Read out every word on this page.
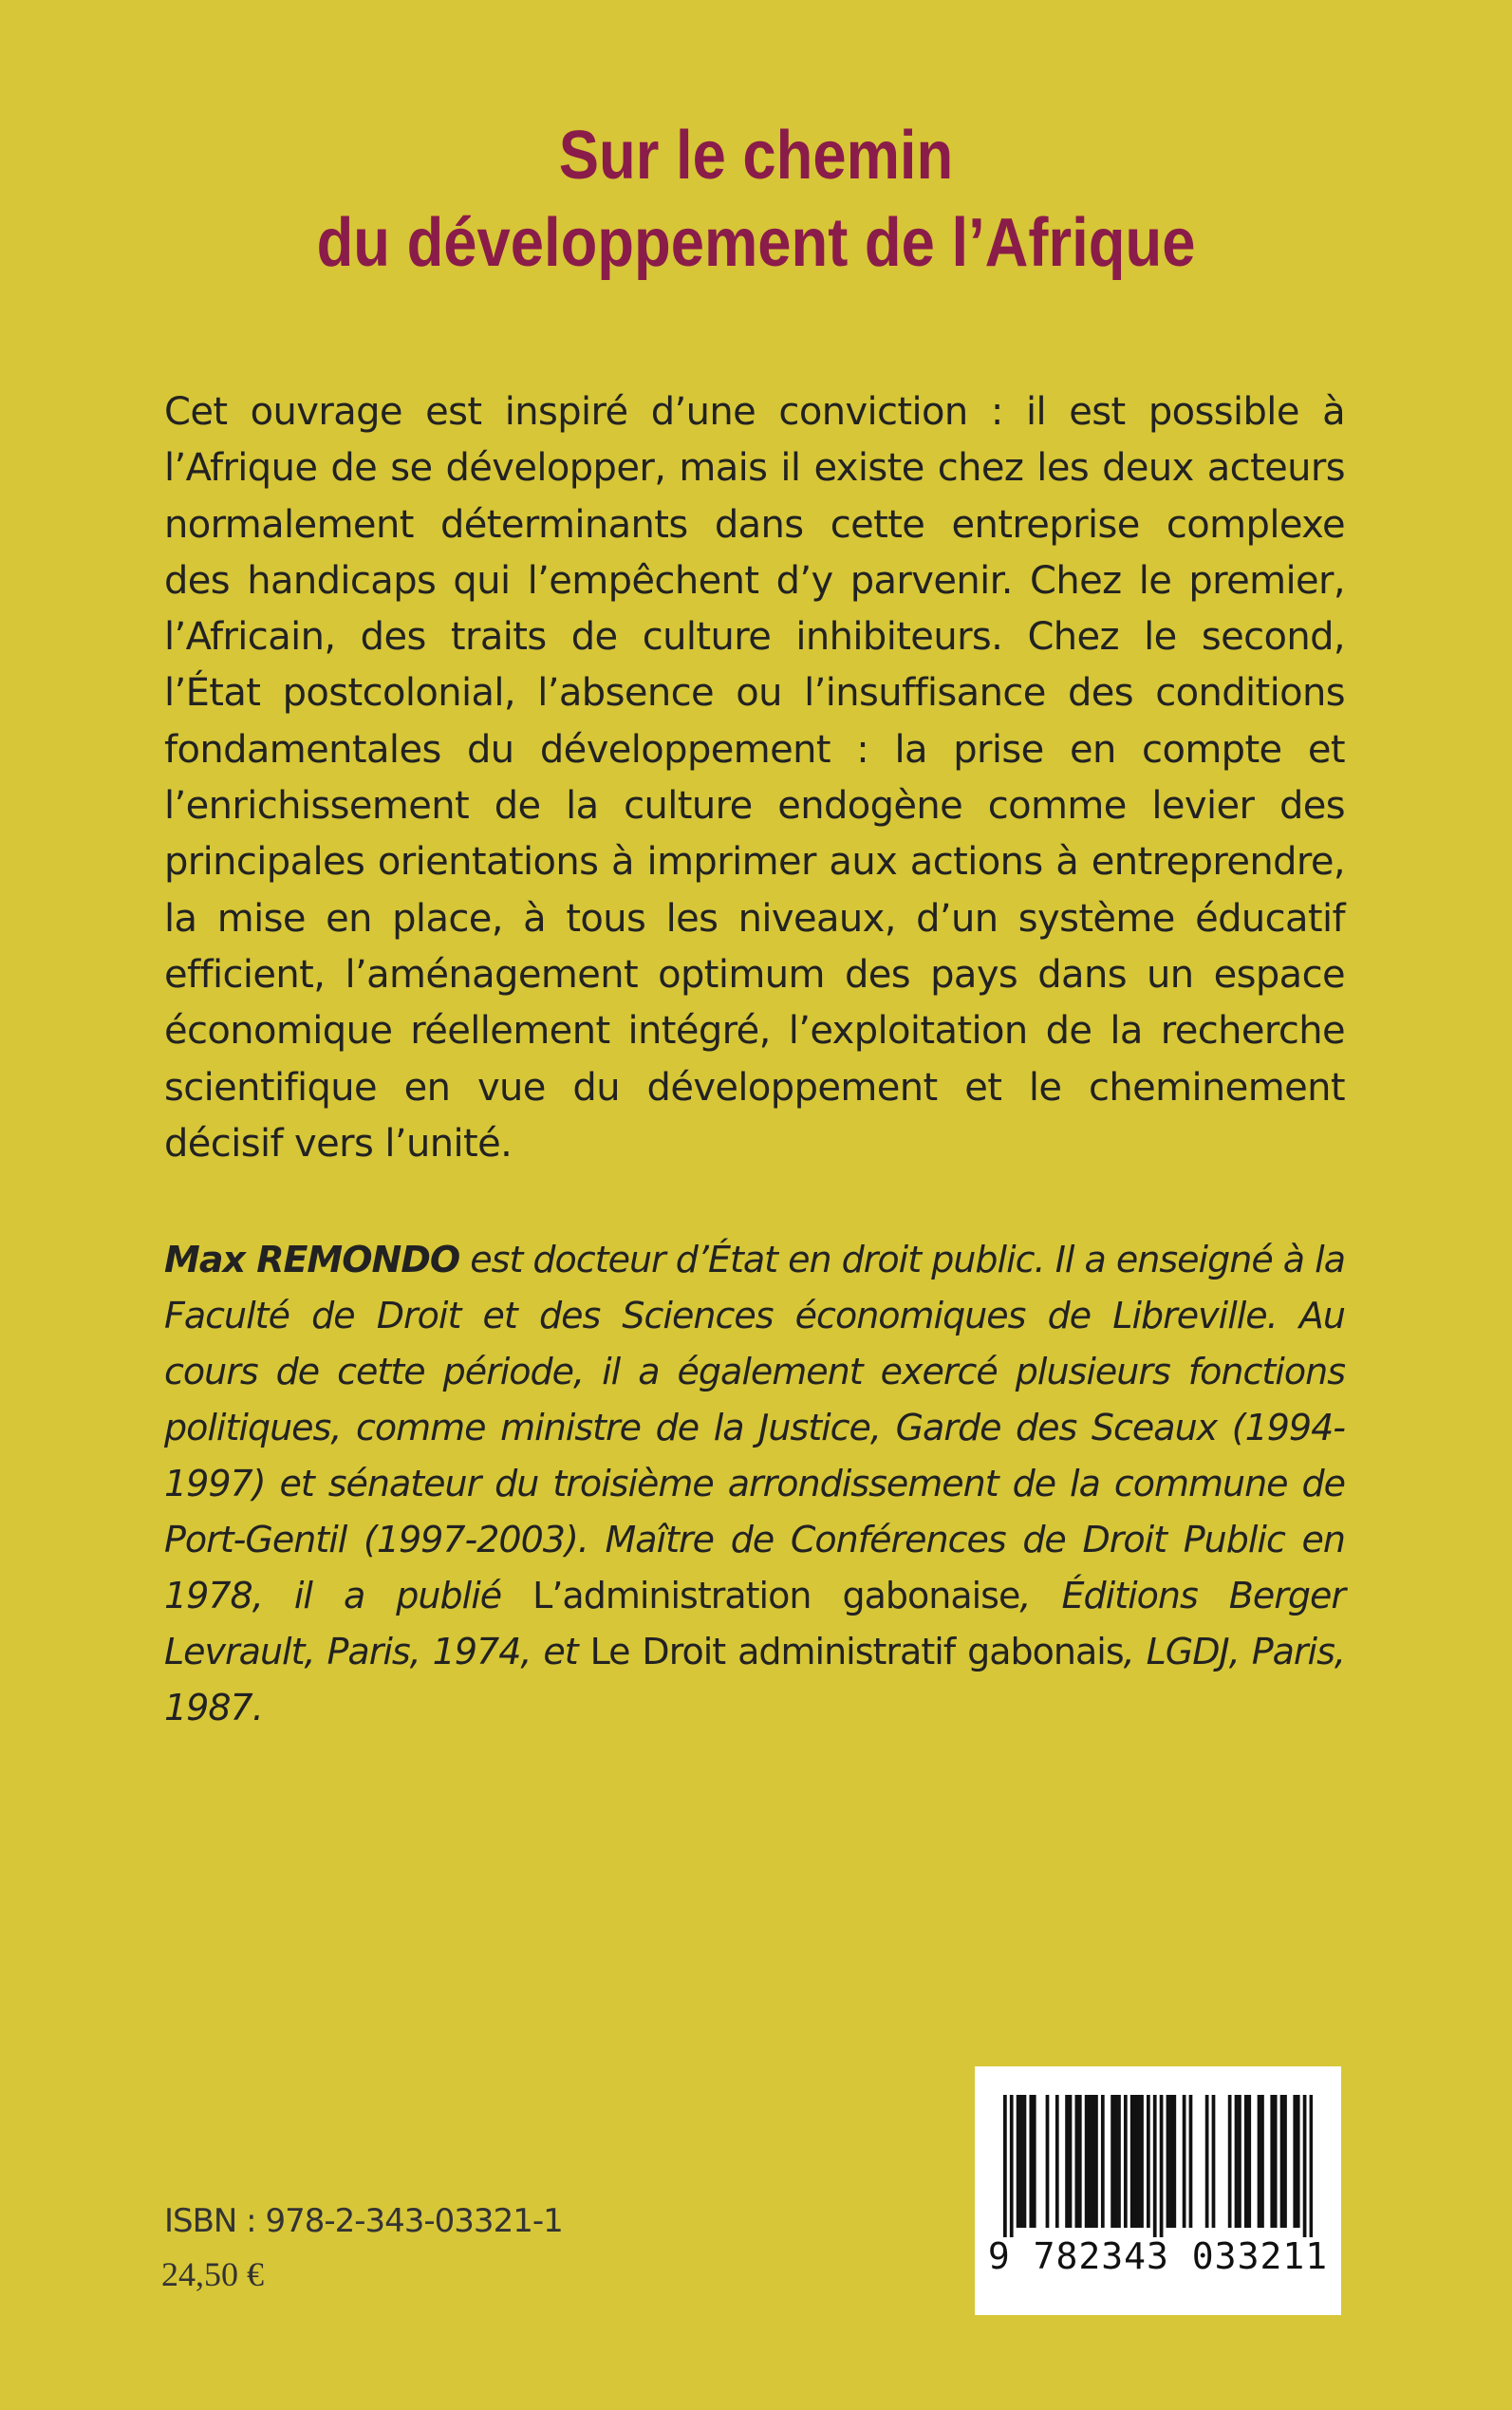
Sur le chemin
du développement de l’Afrique

Cet ouvrage est inspiré d’une conviction : il est possible à l’Afrique de se développer, mais il existe chez les deux acteurs normalement déterminants dans cette entreprise complexe des handicaps qui l’empêchent d’y parvenir. Chez le premier, l’Africain, des traits de culture inhibiteurs. Chez le second, l’État postcolonial, l’absence ou l’insuffisance des conditions fondamentales du développement : la prise en compte et l’enrichissement de la culture endogène comme levier des principales orientations à imprimer aux actions à entreprendre, la mise en place, à tous les niveaux, d’un système éducatif efficient, l’aménagement optimum des pays dans un espace économique réellement intégré, l’exploitation de la recherche scientifique en vue du développement et le cheminement décisif vers l’unité.

Max REMONDO est docteur d’État en droit public. Il a enseigné à la Faculté de Droit et des Sciences économiques de Libreville. Au cours de cette période, il a également exercé plusieurs fonctions politiques, comme ministre de la Justice, Garde des Sceaux (1994-1997) et sénateur du troisième arrondissement de la commune de Port-Gentil (1997-2003). Maître de Conférences de Droit Public en 1978, il a publié L’administration gabonaise, Éditions Berger Levrault, Paris, 1974, et Le Droit administratif gabonais, LGDJ, Paris, 1987.

ISBN : 978-2-343-03321-1
24,50 €	9 782343 033211
